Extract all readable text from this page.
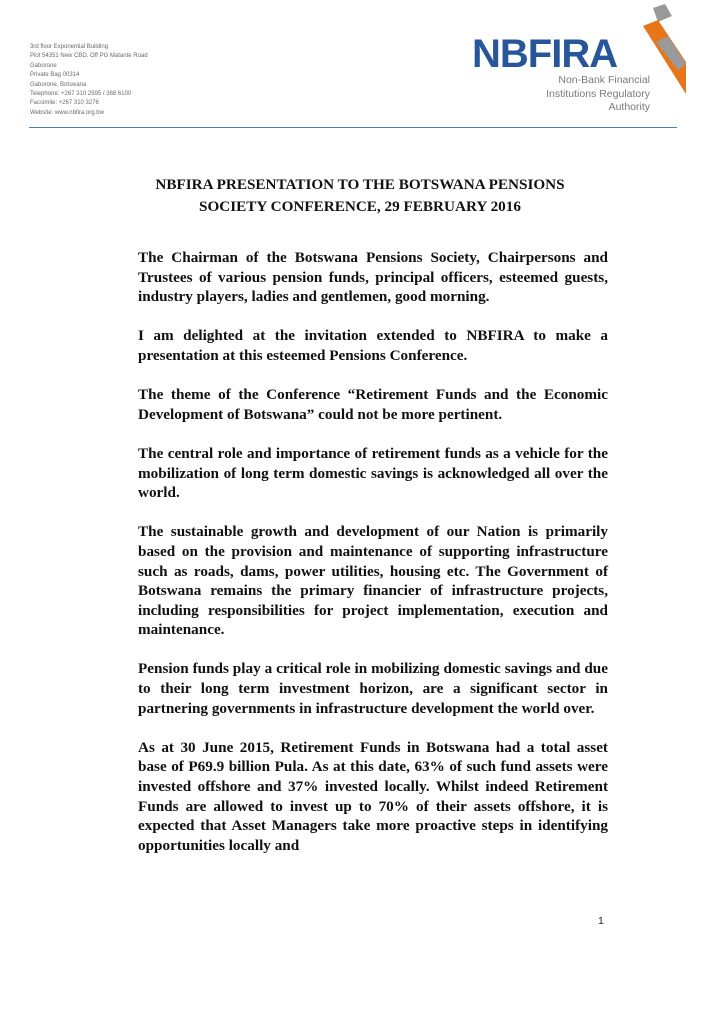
3rd floor Exponential Building
Plot 54351 New CBD, Off PG Matante Road
Gaborone
Private Bag 00314
Gaborone, Botswana
Telephone: +267 310 2595 / 368 6100
Facsimile: +267 310 3276
Website: www.nbfira.org.bw
NBFIRA
Non-Bank Financial
Institutions Regulatory
Authority
NBFIRA PRESENTATION TO THE BOTSWANA PENSIONS
SOCIETY CONFERENCE, 29 FEBRUARY 2016

The Chairman of the Botswana Pensions Society, Chairpersons and Trustees of various pension funds, principal officers, esteemed guests, industry players, ladies and gentlemen, good morning.

I am delighted at the invitation extended to NBFIRA to make a presentation at this esteemed Pensions Conference.

The theme of the Conference “Retirement Funds and the Economic Development of Botswana” could not be more pertinent.

The central role and importance of retirement funds as a vehicle for the mobilization of long term domestic savings is acknowledged all over the world.

The sustainable growth and development of our Nation is primarily based on the provision and maintenance of supporting infrastructure such as roads, dams, power utilities, housing etc. The Government of Botswana remains the primary financier of infrastructure projects, including responsibilities for project implementation, execution and maintenance.

Pension funds play a critical role in mobilizing domestic savings and due to their long term investment horizon, are a significant sector in partnering governments in infrastructure development the world over.

As at 30 June 2015, Retirement Funds in Botswana had a total asset base of P69.9 billion Pula. As at this date, 63% of such fund assets were invested offshore and 37% invested locally. Whilst indeed Retirement Funds are allowed to invest up to 70% of their assets offshore, it is expected that Asset Managers take more proactive steps in identifying opportunities locally and

1
